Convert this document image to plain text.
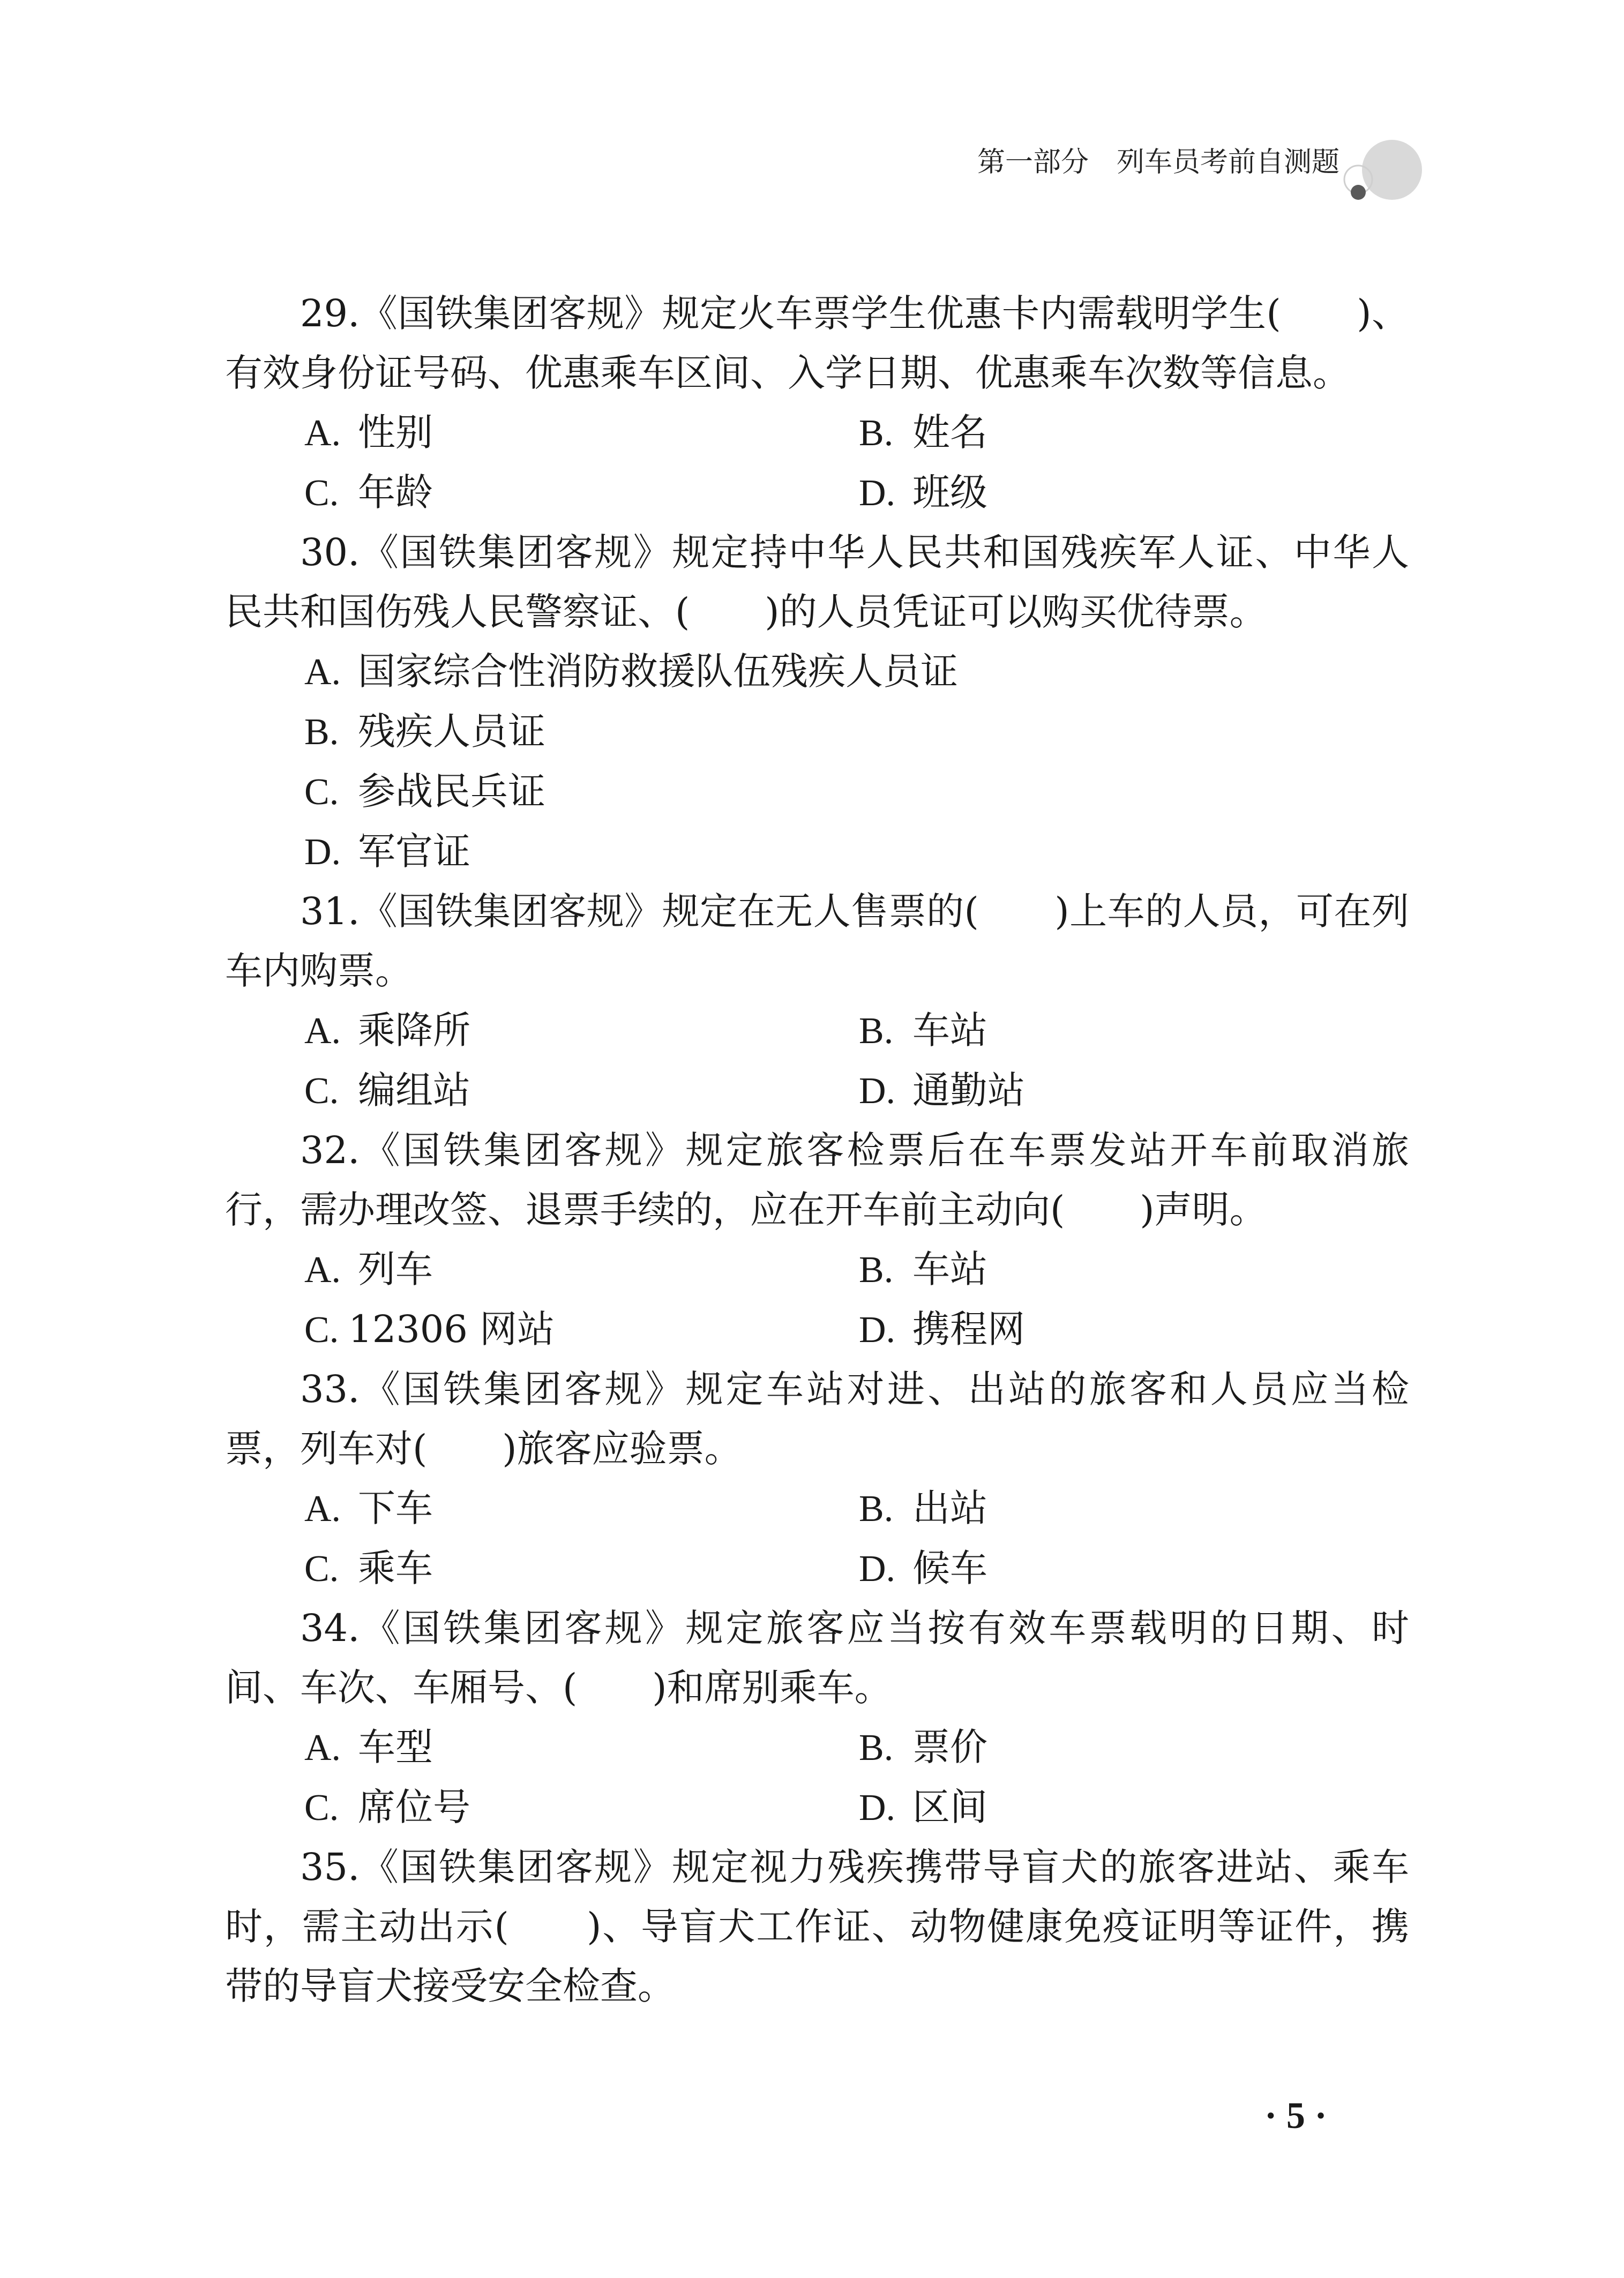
第一部分 列车员考前自测题

29.《国铁集团客规》规定火车票学生优惠卡内需载明学生(　　)、有效身份证号码、优惠乘车区间、入学日期、优惠乘车次数等信息。

A. 性别	B. 姓名
C. 年龄	D. 班级

30.《国铁集团客规》规定持中华人民共和国残疾军人证、中华人民共和国伤残人民警察证、(　　)的人员凭证可以购买优待票。

A. 国家综合性消防救援队伍残疾人员证
B. 残疾人员证
C. 参战民兵证
D. 军官证

31.《国铁集团客规》规定在无人售票的(　　)上车的人员，可在列车内购票。

A. 乘降所	B. 车站
C. 编组站	D. 通勤站

32.《国铁集团客规》规定旅客检票后在车票发站开车前取消旅行，需办理改签、退票手续的，应在开车前主动向(　　)声明。

A. 列车	B. 车站
C. 12306 网站	D. 携程网

33.《国铁集团客规》规定车站对进、出站的旅客和人员应当检票，列车对(　　)旅客应验票。

A. 下车	B. 出站
C. 乘车	D. 候车

34.《国铁集团客规》规定旅客应当按有效车票载明的日期、时间、车次、车厢号、(　　)和席别乘车。

A. 车型	B. 票价
C. 席位号	D. 区间

35.《国铁集团客规》规定视力残疾携带导盲犬的旅客进站、乘车时，需主动出示(　　)、导盲犬工作证、动物健康免疫证明等证件，携带的导盲犬接受安全检查。

· 5 ·
